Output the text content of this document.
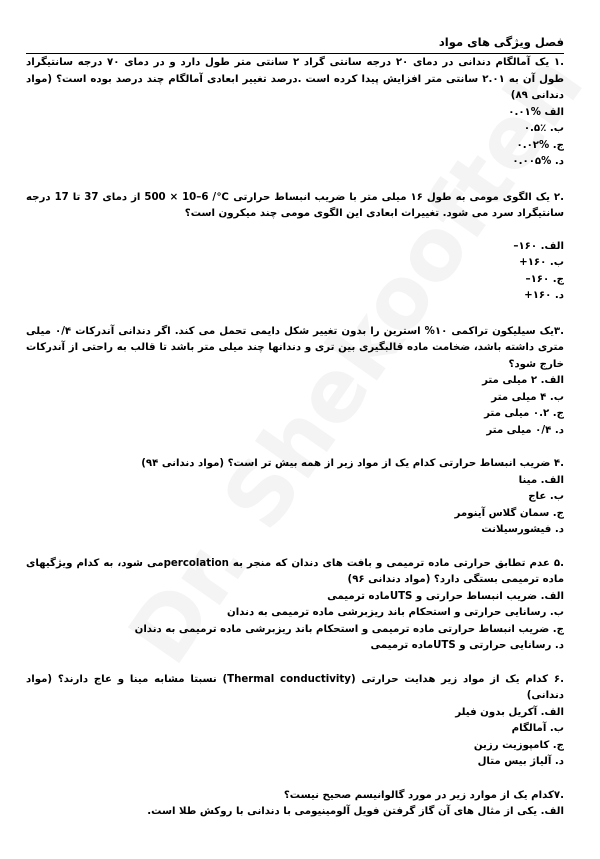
فصل ویژگی های مواد
.۱ یک آمالگام دندانی در دمای ۲۰ درجه سانتی گراد ۲ سانتی متر طول دارد و در دمای ۷۰ درجه سانتیگراد طول آن به ۲.۰۱ سانتی متر افزایش پیدا کرده است .درصد تغییر ابعادی آمالگام چند درصد بوده است؟ (مواد دندانی ۸۹)
الف %۰.۰۱
ب. ٪۰.۵
ج. %۰.۰۲
د. %۰.۰۰۵
.۲ یک الگوی مومی به طول ۱۶ میلی متر با ضریب انبساط حرارتی ℃/ 6–10 × 500 از دمای 37 تا 17 درجه سانتیگراد سرد می شود. تغییرات ابعادی این الگوی مومی چند میکرون است؟
الف. ۱۶۰–
ب. ۱۶۰+
ج. ۱۶۰–
د. ۱۶۰+
.۳یک سیلیکون تراکمی ۱۰% استرین را بدون تغییر شکل دایمی تحمل می کند. اگر دندانی آندرکات ۰/۴ میلی متری داشته باشد، ضخامت ماده قالبگیری بین تری و دندانها چند میلی متر باشد تا قالب به راحتی از آندرکات خارج شود؟
الف. ۲ میلی متر
ب. ۴ میلی متر
ج. ۰.۲ میلی متر
د. ۰/۴ میلی متر
.۴ ضریب انبساط حرارتی کدام یک از مواد زیر از همه بیش تر است؟ (مواد دندانی ۹۴)
الف. مینا
ب. عاج
ج. سمان گلاس آینومر
د. فیشورسیلانت
.۵ عدم تطابق حرارتی ماده ترمیمی و بافت های دندان که منجر به percolationمی شود، به کدام ویژگیهای ماده ترمیمی بستگی دارد؟ (مواد دندانی ۹۶)
الف. ضریب انبساط حرارتی و UTSماده ترمیمی
ب. رسانایی حرارتی و استحکام باند ریزبرشی ماده ترمیمی به دندان
ج. ضریب انبساط حرارتی ماده ترمیمی و استحکام باند ریزبرشی ماده ترمیمی به دندان
د. رسانایی حرارتی و UTSماده ترمیمی
.۶ کدام یک از مواد زیر هدایت حرارتی (Thermal conductivity) نسبتا مشابه مینا و عاج دارند؟ (مواد دندانی)
الف. آکریل بدون فیلر
ب. آمالگام
ج. کامپوزیت رزین
د. آلیاژ بیس متال
.۷کدام یک از موارد زیر در مورد گالوانیسم صحیح نیست؟
الف. یکی از مثال های آن گاز گرفتن فویل آلومینیومی با دندانی با روکش طلا است.
